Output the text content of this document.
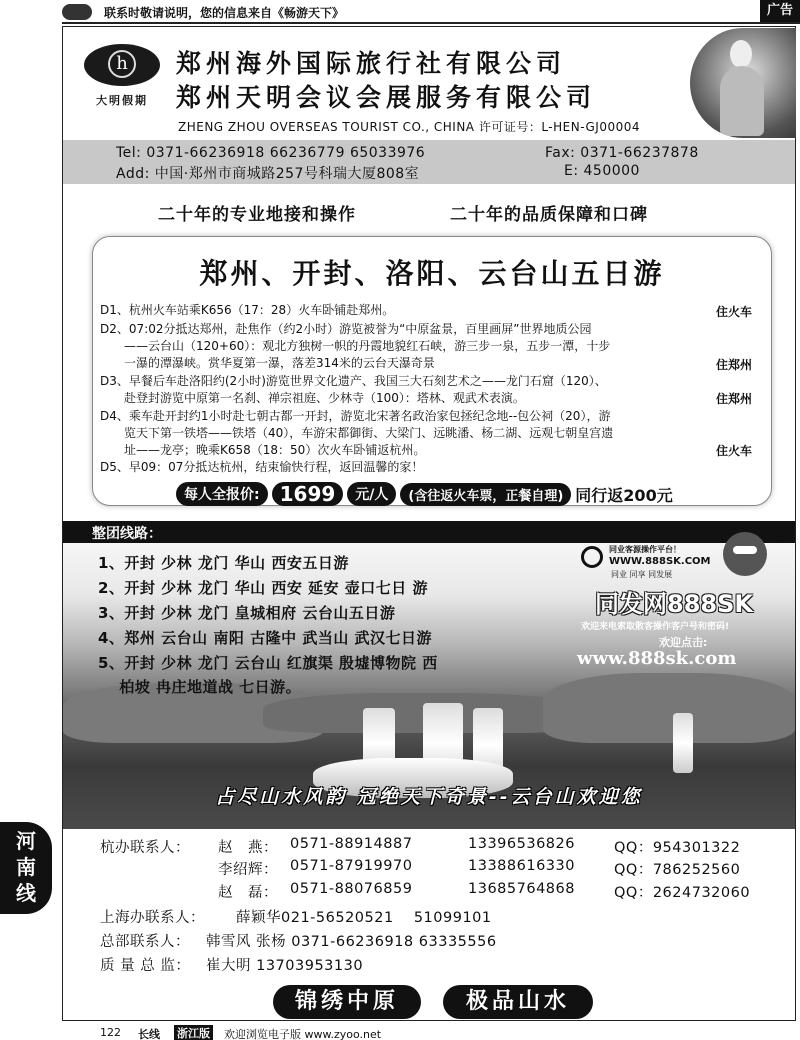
联系时敬请说明，您的信息来自《畅游天下》	广告
h
大明假期
郑州海外国际旅行社有限公司
郑州天明会议会展服务有限公司
ZHENG ZHOU OVERSEAS TOURIST CO., CHINA 许可证号：L-HEN-GJ00004
Tel: 0371-66236918 66236779 65033976
Add: 中国·郑州市商城路257号科瑞大厦808室
Fax: 0371-66237878
E: 450000
二十年的专业地接和操作	二十年的品质保障和口碑
郑州、开封、洛阳、云台山五日游
D1、杭州火车站乘K656（17：28）火车卧铺赴郑州。	住火车
D2、07:02分抵达郑州，赴焦作（约2小时）游览被誉为“中原盆景，百里画屏”世界地质公园
　　——云台山（120+60）：观北方独树一帜的丹霞地貌红石峡，游三步一泉，五步一潭，十步
　　一瀑的潭瀑峡。赏华夏第一瀑，落差314米的云台天瀑奇景	住郑州
D3、早餐后车赴洛阳约(2小时)游览世界文化遗产、我国三大石刻艺术之——龙门石窟（120）、
　　赴登封游览中原第一名刹、禅宗祖庭、少林寺（100）：塔林、观武术表演。	住郑州
D4、乘车赴开封约1小时赴七朝古都一开封，游览北宋著名政治家包拯纪念地--包公祠（20），游
　　览天下第一铁塔——铁塔（40），车游宋都御街、大梁门、远眺潘、杨二湖、远观七朝皇宫遗
　　址——龙亭；晚乘K658（18：50）次火车卧铺返杭州。	住火车
D5、早09：07分抵达杭州，结束愉快行程，返回温馨的家！
每人全报价:	1699	元/人	(含往返火车票，正餐自理) 同行返200元
整团线路：
1、开封 少林 龙门 华山 西安五日游
2、开封 少林 龙门 华山 西安 延安 壶口七日 游
3、开封 少林 龙门 皇城相府 云台山五日游
4、郑州 云台山 南阳 古隆中 武当山 武汉七日游
5、开封 少林 龙门 云台山 红旗渠 殷墟博物院 西
　 柏坡 冉庄地道战 七日游。
TM
同业客源操作平台！
WWW.888SK.COM
同业 同享 同发展
同发网888SK
欢迎来电索取散客操作客户号和密码!
欢迎点击:
www.888sk.com
占尽山水风韵 冠绝天下奇景--云台山欢迎您
河
南
线
杭办联系人： 赵　燕： 0571-88914887	13396536826	QQ：954301322
李绍辉： 0571-87919970	13388616330	QQ：786252560
赵　磊： 0571-88076859	13685764868	QQ：2624732060
上海办联系人： 薛颖华021-56520521　 51099101
总部联系人： 韩雪风 张杨 0371-66236918 63335556
质 量 总 监： 崔大明 13703953130
锦绣中原	极品山水
122 长线 浙江版 欢迎浏览电子版 www.zyoo.net
